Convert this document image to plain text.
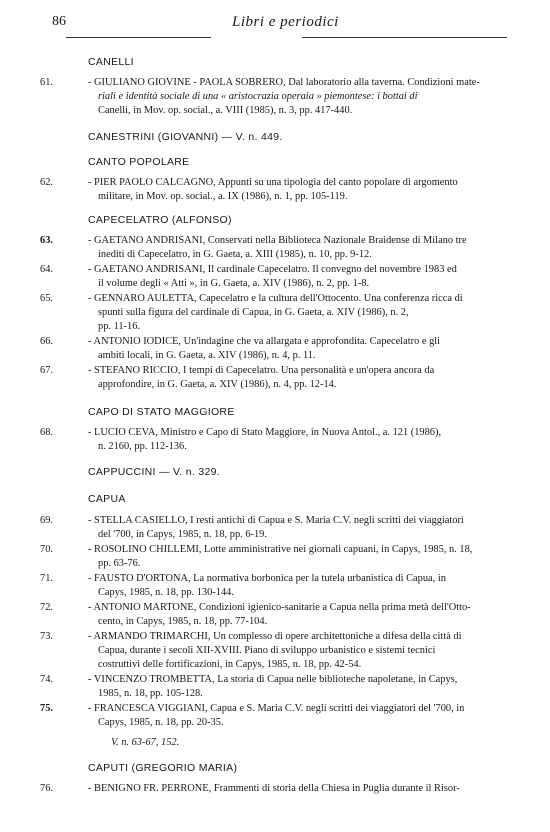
86	Libri e periodici
CANELLI
61.	- GIULIANO GIOVINE - PAOLA SOBRERO, Dal laboratorio alla taverna. Condizioni mate-
riali e identità sociale di una « aristocrazia operaia » piemontese: i bottai di
Canelli, in Mov. op. social., a. VIII (1985), n. 3, pp. 417-440.
CANESTRINI (GIOVANNI) — V. n. 449.
CANTO POPOLARE
62.	- PIER PAOLO CALCAGNO, Appunti su una tipologia del canto popolare di argomento
militare, in Mov. op. social., a. IX (1986), n. 1, pp. 105-119.
CAPECELATRO (ALFONSO)
63.	- GAETANO ANDRISANI, Conservati nella Biblioteca Nazionale Braidense di Milano tre
inediti di Capecelatro, in G. Gaeta, a. XIII (1985), n. 10, pp. 9-12.
64.	- GAETANO ANDRISANI, Il cardinale Capecelatro. Il convegno del novembre 1983 ed
il volume degli « Atti », in G. Gaeta, a. XIV (1986), n. 2, pp. 1-8.
65.	- GENNARO AULETTA, Capecelatro e la cultura dell'Ottocento. Una conferenza ricca di
spunti sulla figura del cardinale di Capua, in G. Gaeta, a. XIV (1986), n. 2,
pp. 11-16.
66.	- ANTONIO IODICE, Un'indagine che va allargata e approfondita. Capecelatro e gli
ambiti locali, in G. Gaeta, a. XIV (1986), n. 4, p. 11.
67.	- STEFANO RICCIO, I tempi di Capecelatro. Una personalità e un'opera ancora da
approfondire, in G. Gaeta, a. XIV (1986), n. 4, pp. 12-14.
CAPO DI STATO MAGGIORE
68.	- LUCIO CEVA, Ministro e Capo di Stato Maggiore, in Nuova Antol., a. 121 (1986),
n. 2160, pp. 112-136.
CAPPUCCINI — V. n. 329.
CAPUA
69.	- STELLA CASIELLO, I resti antichi di Capua e S. Maria C.V. negli scritti dei viaggiatori
del '700, in Capys, 1985, n. 18, pp. 6-19.
70.	- ROSOLINO CHILLEMI, Lotte amministrative nei giornali capuani, in Capys, 1985, n. 18,
pp. 63-76.
71.	- FAUSTO D'ORTONA, La normativa borbonica per la tutela urbanistica di Capua, in
Capys, 1985, n. 18, pp. 130-144.
72.	- ANTONIO MARTONE, Condizioni igienico-sanitarie a Capua nella prima metà dell'Otto-
cento, in Capys, 1985, n. 18, pp. 77-104.
73.	- ARMANDO TRIMARCHI, Un complesso di opere architettoniche a difesa della città di
Capua, durante i secoli XII-XVIII. Piano di sviluppo urbanistico e sistemi tecnici
costruttivi delle fortificazioni, in Capys, 1985, n. 18, pp. 42-54.
74.	- VINCENZO TROMBETTA, La storia di Capua nelle biblioteche napoletane, in Capys,
1985, n. 18, pp. 105-128.
75.	- FRANCESCA VIGGIANI, Capua e S. Maria C.V. negli scritti dei viaggiatori del '700, in
Capys, 1985, n. 18, pp. 20-35.
V. n. 63-67, 152.
CAPUTI (GREGORIO MARIA)
76.	- BENIGNO FR. PERRONE, Frammenti di storia della Chiesa in Puglia durante il Risor-
